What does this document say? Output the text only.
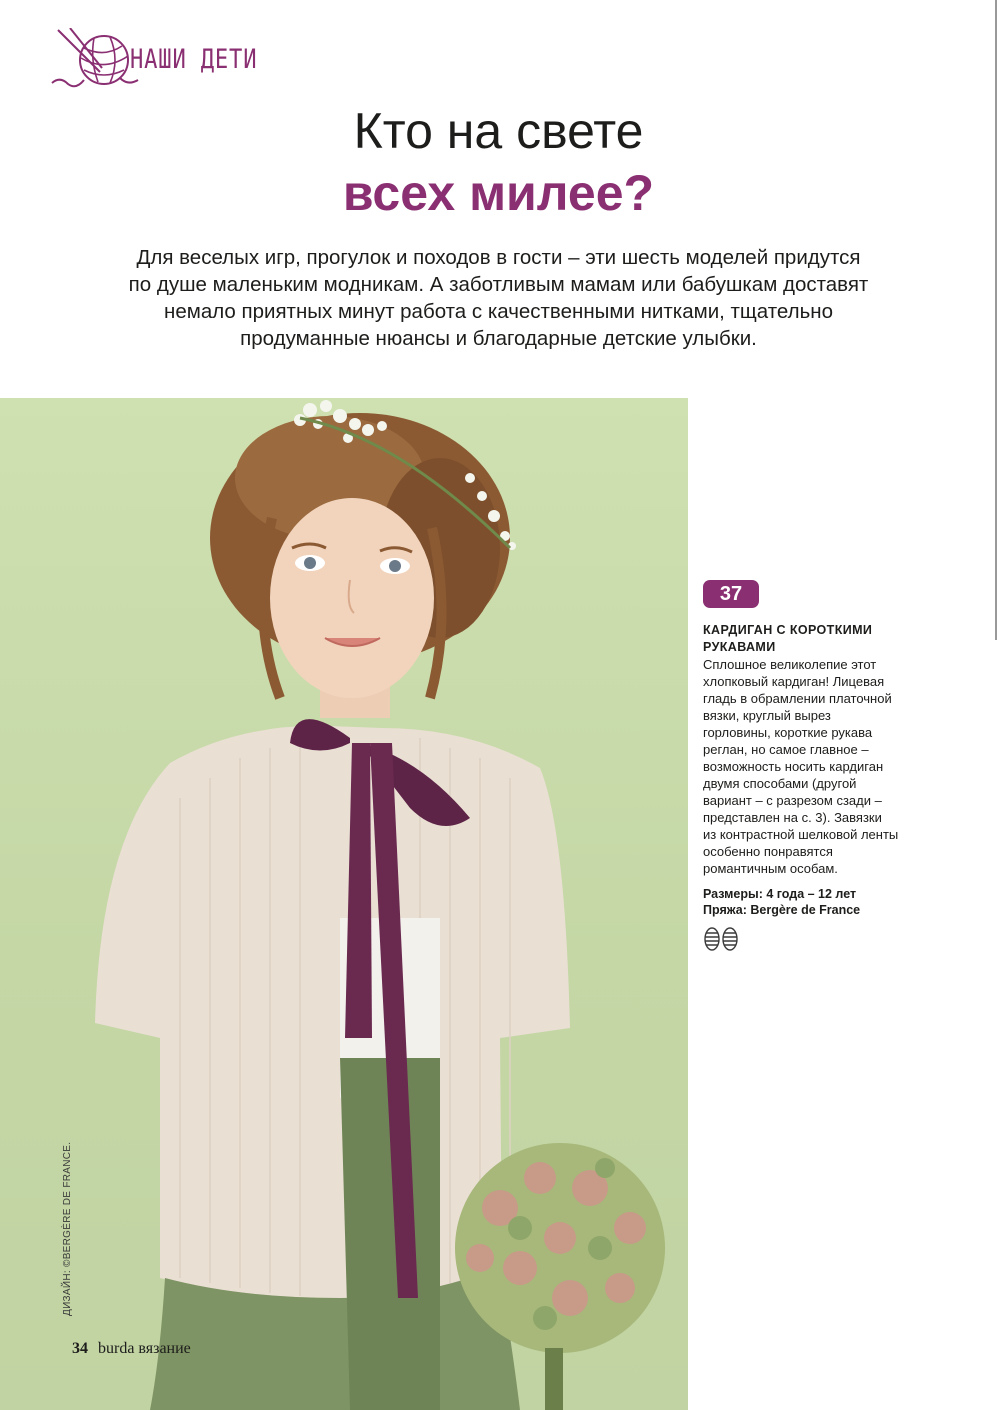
НАШИ ДЕТИ
Кто на свете
всех милее?
Для веселых игр, прогулок и походов в гости – эти шесть моделей придутся
по душе маленьким модникам. А заботливым мамам или бабушкам доставят
немало приятных минут работа с качественными нитками, тщательно
продуманные нюансы и благодарные детские улыбки.
ДИЗАЙН: ©BERGÈRE DE FRANCE.
34 burda вязание
37
КАРДИГАН С КОРОТКИМИ
РУКАВАМИ
Сплошное великолепие этот
хлопковый кардиган! Лицевая
гладь в обрамлении платочной
вязки, круглый вырез
горловины, короткие рукава
реглан, но самое главное –
возможность носить кардиган
двумя способами (другой
вариант – с разрезом сзади –
представлен на с. 3). Завязки
из контрастной шелковой ленты
особенно понравятся
романтичным особам.
Размеры: 4 года – 12 лет
Пряжа: Bergère de France
